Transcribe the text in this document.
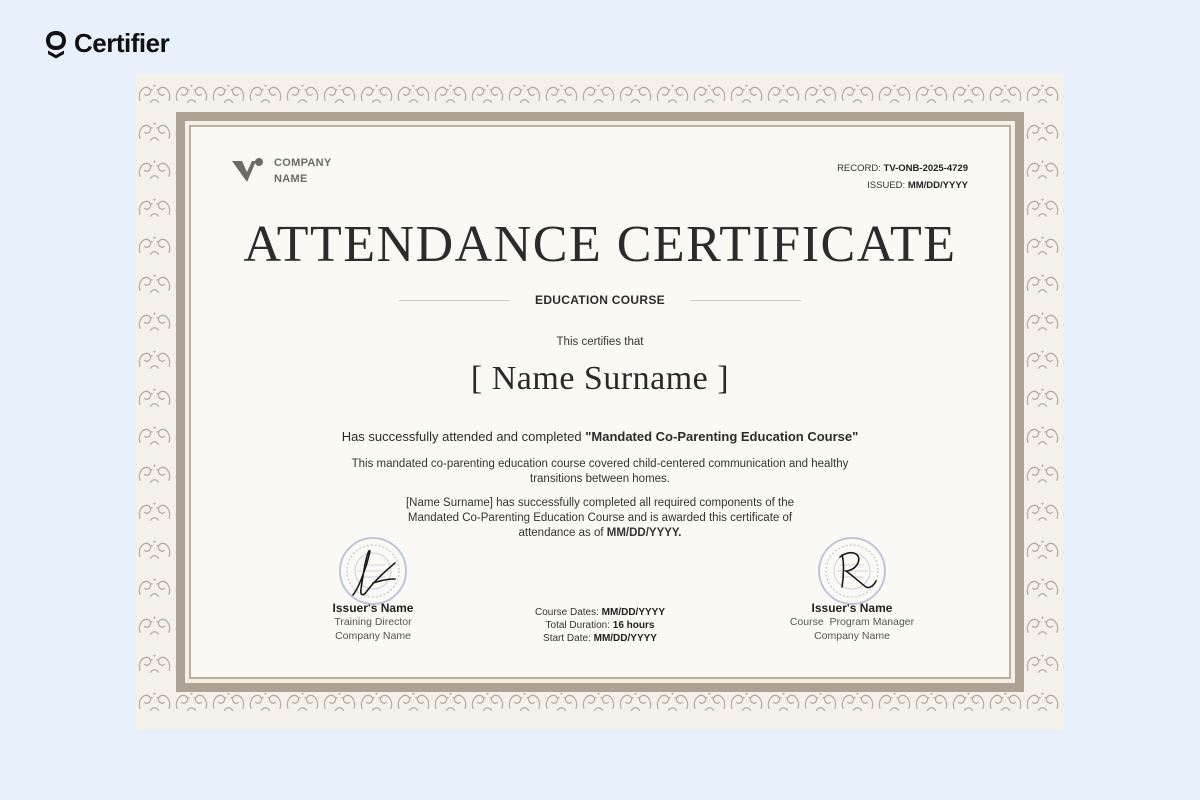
Certifier
COMPANY
NAME
RECORD: TV-ONB-2025-4729
ISSUED: MM/DD/YYYY
ATTENDANCE CERTIFICATE
EDUCATION COURSE
This certifies that
[ Name Surname ]
Has successfully attended and completed "Mandated Co-Parenting Education Course"
This mandated co-parenting education course covered child-centered communication and healthy transitions between homes.
[Name Surname] has successfully completed all required components of the Mandated Co-Parenting Education Course and is awarded this certificate of attendance as of MM/DD/YYYY.
Issuer's Name
Training Director
Company Name
Course Dates: MM/DD/YYYY
Total Duration: 16 hours
Start Date: MM/DD/YYYY
Issuer's Name
Course  Program Manager
Company Name
